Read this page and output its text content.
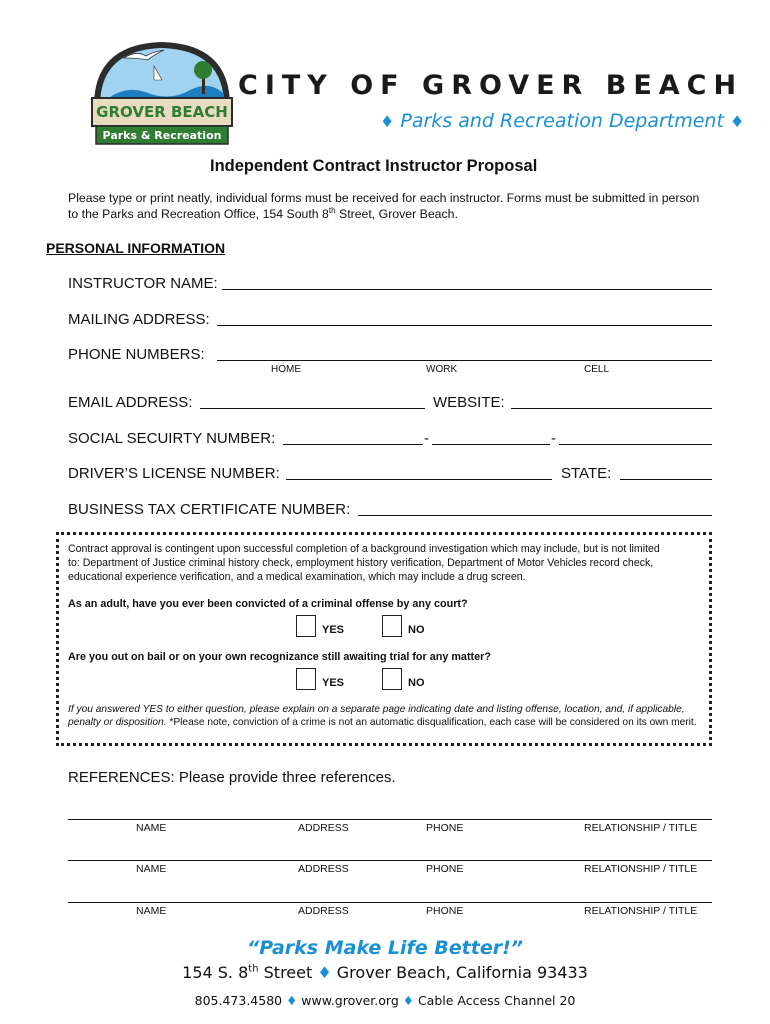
GROVER BEACH
Parks & Recreation
CITY OF GROVER BEACH
♦ Parks and Recreation Department ♦
Independent Contract Instructor Proposal
Please type or print neatly, individual forms must be received for each instructor. Forms must be submitted in person
to the Parks and Recreation Office, 154 South 8th Street, Grover Beach.
PERSONAL INFORMATION
INSTRUCTOR NAME:
MAILING ADDRESS:
PHONE NUMBERS:
HOME	WORK	CELL
EMAIL ADDRESS:	WEBSITE:
SOCIAL SECUIRTY NUMBER:	-	-
DRIVER’S LICENSE NUMBER:	STATE:
BUSINESS TAX CERTIFICATE NUMBER:
Contract approval is contingent upon successful completion of a background investigation which may include, but is not limited
to: Department of Justice criminal history check, employment history verification, Department of Motor Vehicles record check,
educational experience verification, and a medical examination, which may include a drug screen.
As an adult, have you ever been convicted of a criminal offense by any court?
YES	NO
Are you out on bail or on your own recognizance still awaiting trial for any matter?
YES	NO
If you answered YES to either question, please explain on a separate page indicating date and listing offense, location, and, if applicable,
penalty or disposition. *Please note, conviction of a crime is not an automatic disqualification, each case will be considered on its own merit.
REFERENCES: Please provide three references.
NAME	ADDRESS	PHONE	RELATIONSHIP / TITLE
NAME	ADDRESS	PHONE	RELATIONSHIP / TITLE
NAME	ADDRESS	PHONE	RELATIONSHIP / TITLE
“Parks Make Life Better!”
154 S. 8th Street ♦ Grover Beach, California 93433
805.473.4580 ♦ www.grover.org ♦ Cable Access Channel 20
